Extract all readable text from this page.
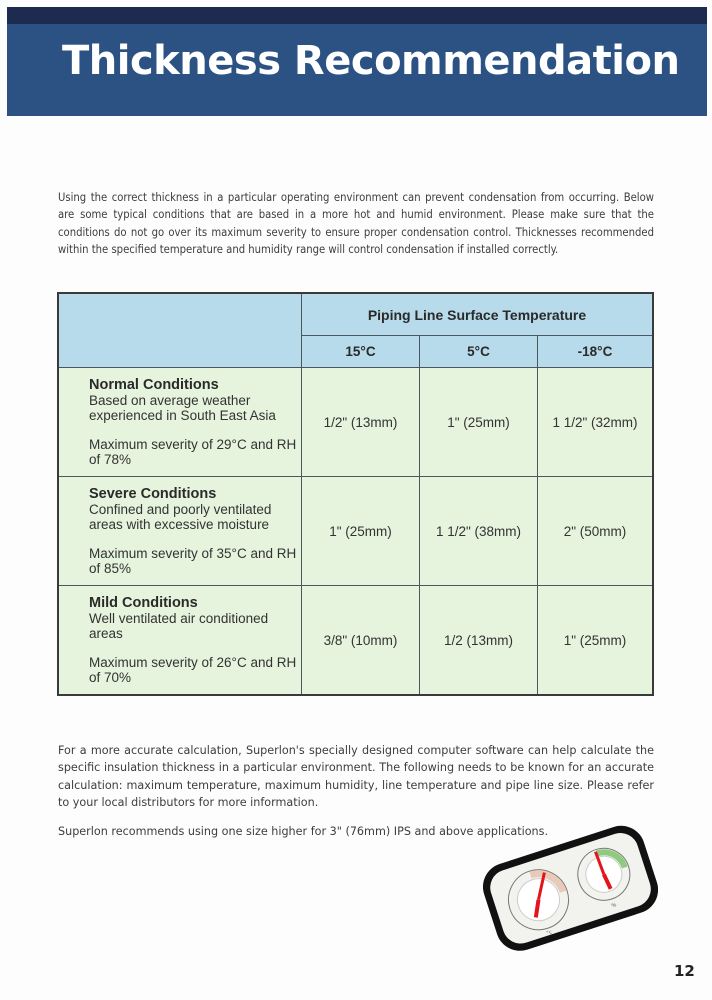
Thickness Recommendation

Using the correct thickness in a particular operating environment can prevent condensation from occurring. Below are some typical conditions that are based in a more hot and humid environment. Please make sure that the conditions do not go over its maximum severity to ensure proper condensation control. Thicknesses recommended within the specified temperature and humidity range will control condensation if installed correctly.

	Piping Line Surface Temperature		
	15°C	5°C	-18°C

Normal Conditions
Based on average weather experienced in South East Asia
Maximum severity of 29°C and RH of 78%	1/2" (13mm)	1" (25mm)	1 1/2" (32mm)

Severe Conditions
Confined and poorly ventilated areas with excessive moisture
Maximum severity of 35°C and RH of 85%	1" (25mm)	1 1/2" (38mm)	2" (50mm)

Mild Conditions
Well ventilated air conditioned areas
Maximum severity of 26°C and RH of 70%	3/8" (10mm)	1/2 (13mm)	1" (25mm)

For a more accurate calculation, Superlon's specially designed computer software can help calculate the specific insulation thickness in a particular environment. The following needs to be known for an accurate calculation: maximum temperature, maximum humidity, line temperature and pipe line size. Please refer to your local distributors for more information.

Superlon recommends using one size higher for 3" (76mm) IPS and above applications.

°c
%
12
